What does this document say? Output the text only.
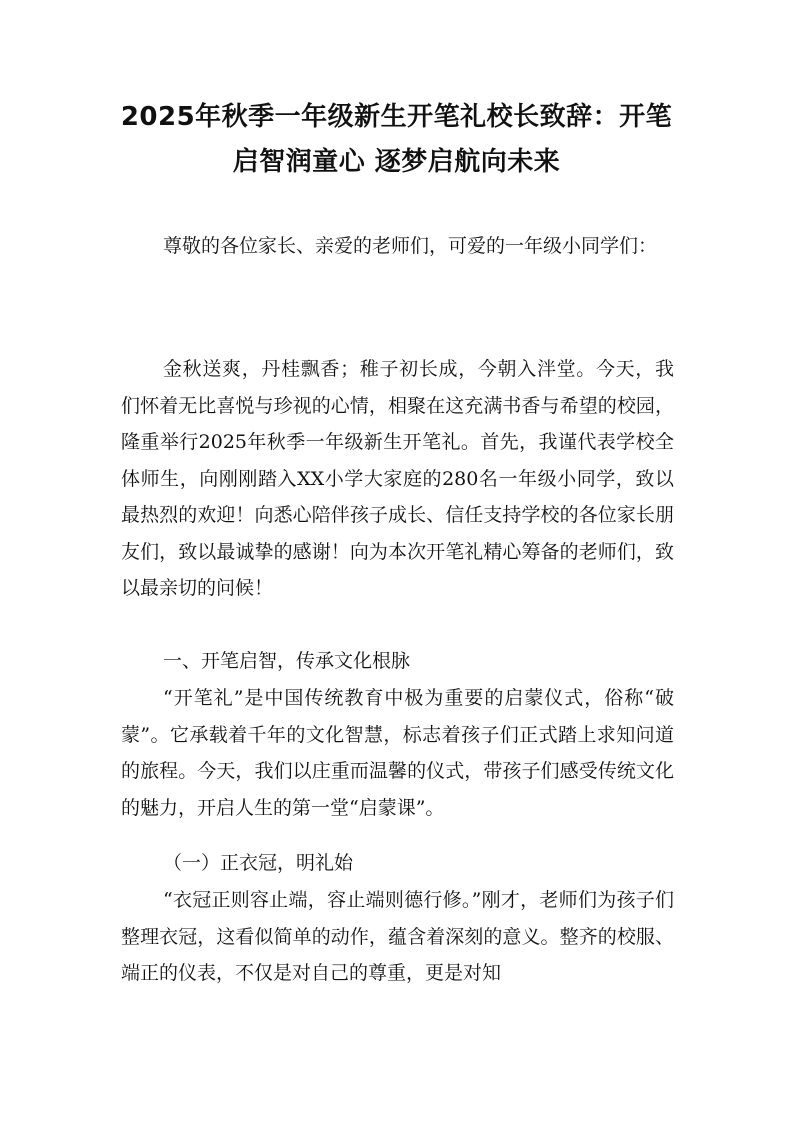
2025年秋季一年级新生开笔礼校长致辞：开笔
启智润童心 逐梦启航向未来

尊敬的各位家长、亲爱的老师们，可爱的一年级小同学们：

金秋送爽，丹桂飘香；稚子初长成，今朝入泮堂。今天，我们怀着无比喜悦与珍视的心情，相聚在这充满书香与希望的校园，隆重举行2025年秋季一年级新生开笔礼。首先，我谨代表学校全体师生，向刚刚踏入XX小学大家庭的280名一年级小同学，致以最热烈的欢迎！向悉心陪伴孩子成长、信任支持学校的各位家长朋友们，致以最诚挚的感谢！向为本次开笔礼精心筹备的老师们，致以最亲切的问候！

一、开笔启智，传承文化根脉

“开笔礼”是中国传统教育中极为重要的启蒙仪式，俗称“破蒙”。它承载着千年的文化智慧，标志着孩子们正式踏上求知问道的旅程。今天，我们以庄重而温馨的仪式，带孩子们感受传统文化的魅力，开启人生的第一堂“启蒙课”。

（一）正衣冠，明礼始

“衣冠正则容止端，容止端则德行修。”刚才，老师们为孩子们整理衣冠，这看似简单的动作，蕴含着深刻的意义。整齐的校服、端正的仪表，不仅是对自己的尊重，更是对知
